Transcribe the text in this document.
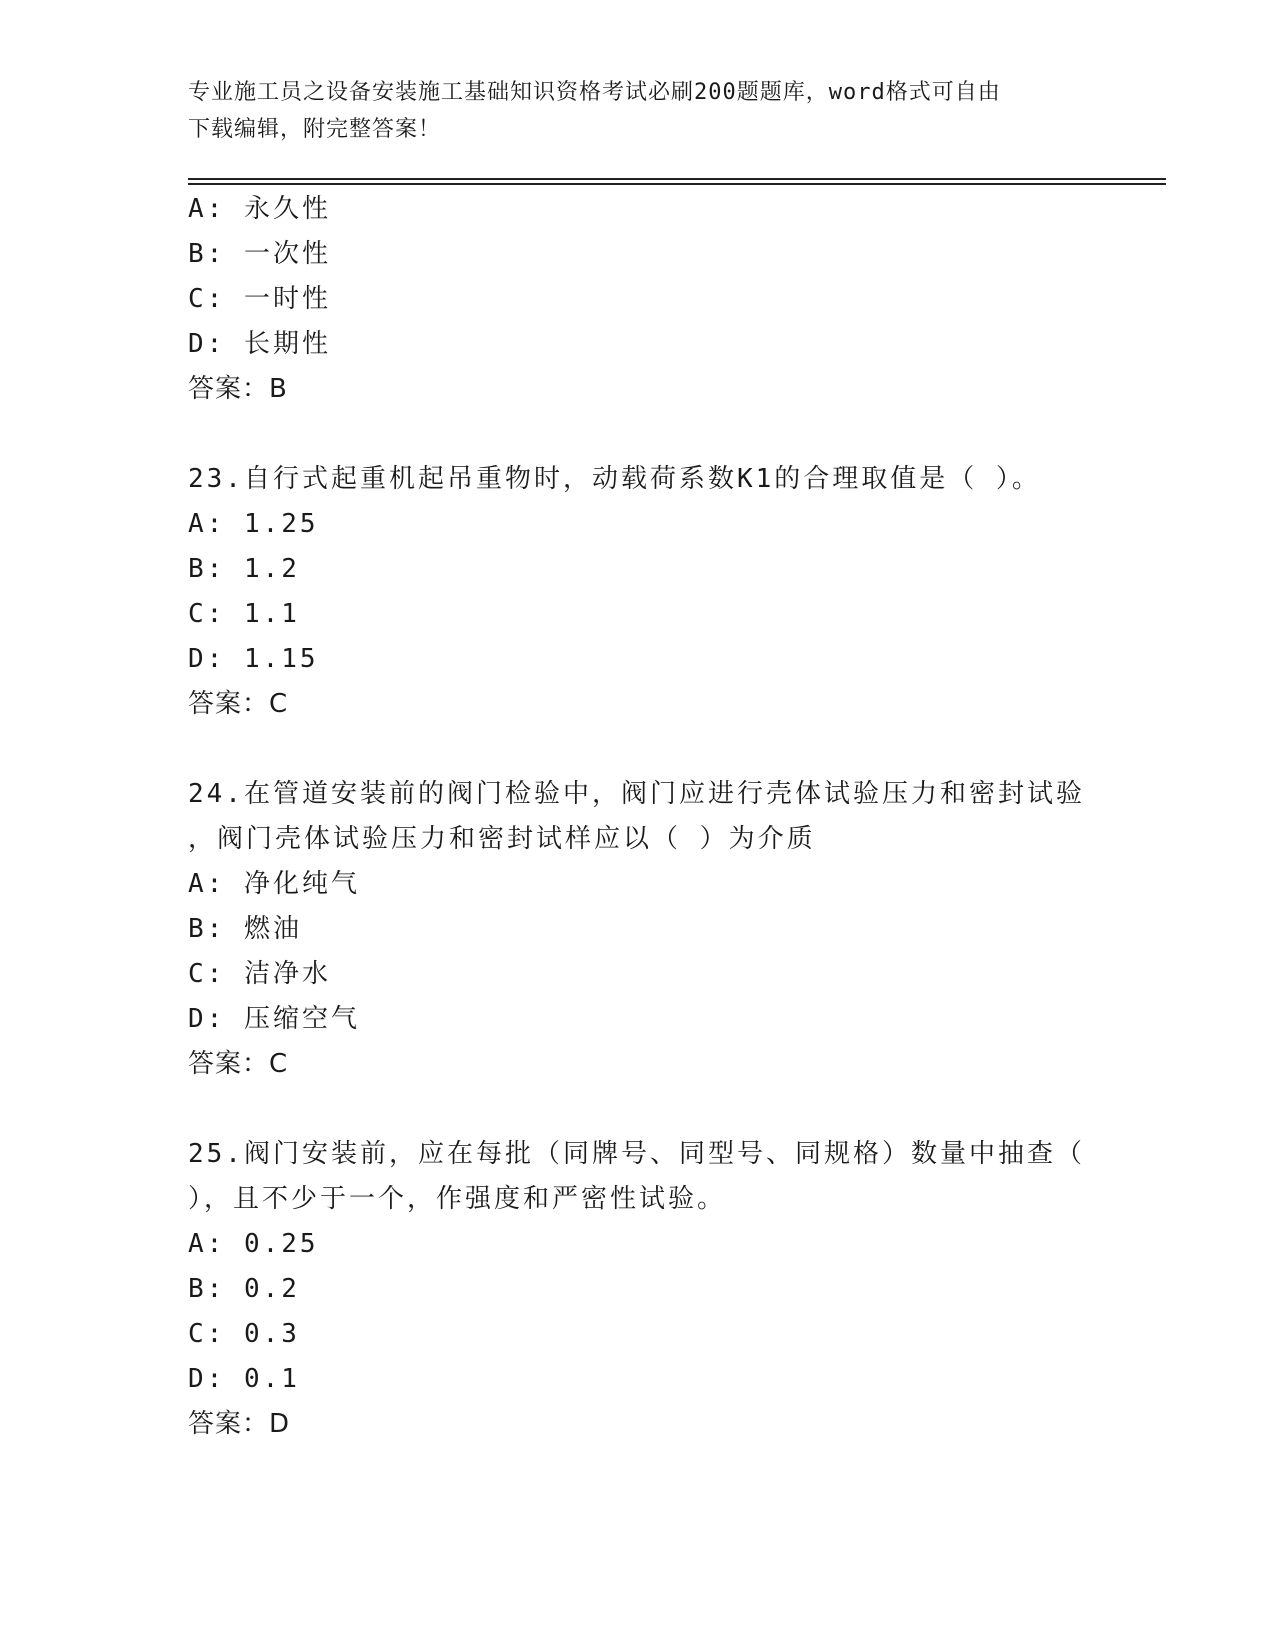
专业施工员之设备安装施工基础知识资格考试必刷200题题库，word格式可自由
下载编辑，附完整答案！
A: 永久性
B: 一次性
C: 一时性
D: 长期性
答案：B
23.自行式起重机起吊重物时，动载荷系数K1的合理取值是（ ）。
A: 1.25
B: 1.2
C: 1.1
D: 1.15
答案：C
24.在管道安装前的阀门检验中，阀门应进行壳体试验压力和密封试验
，阀门壳体试验压力和密封试样应以（ ）为介质
A: 净化纯气
B: 燃油
C: 洁净水
D: 压缩空气
答案：C
25.阀门安装前，应在每批（同牌号、同型号、同规格）数量中抽查（
），且不少于一个，作强度和严密性试验。
A: 0.25
B: 0.2
C: 0.3
D: 0.1
答案：D
